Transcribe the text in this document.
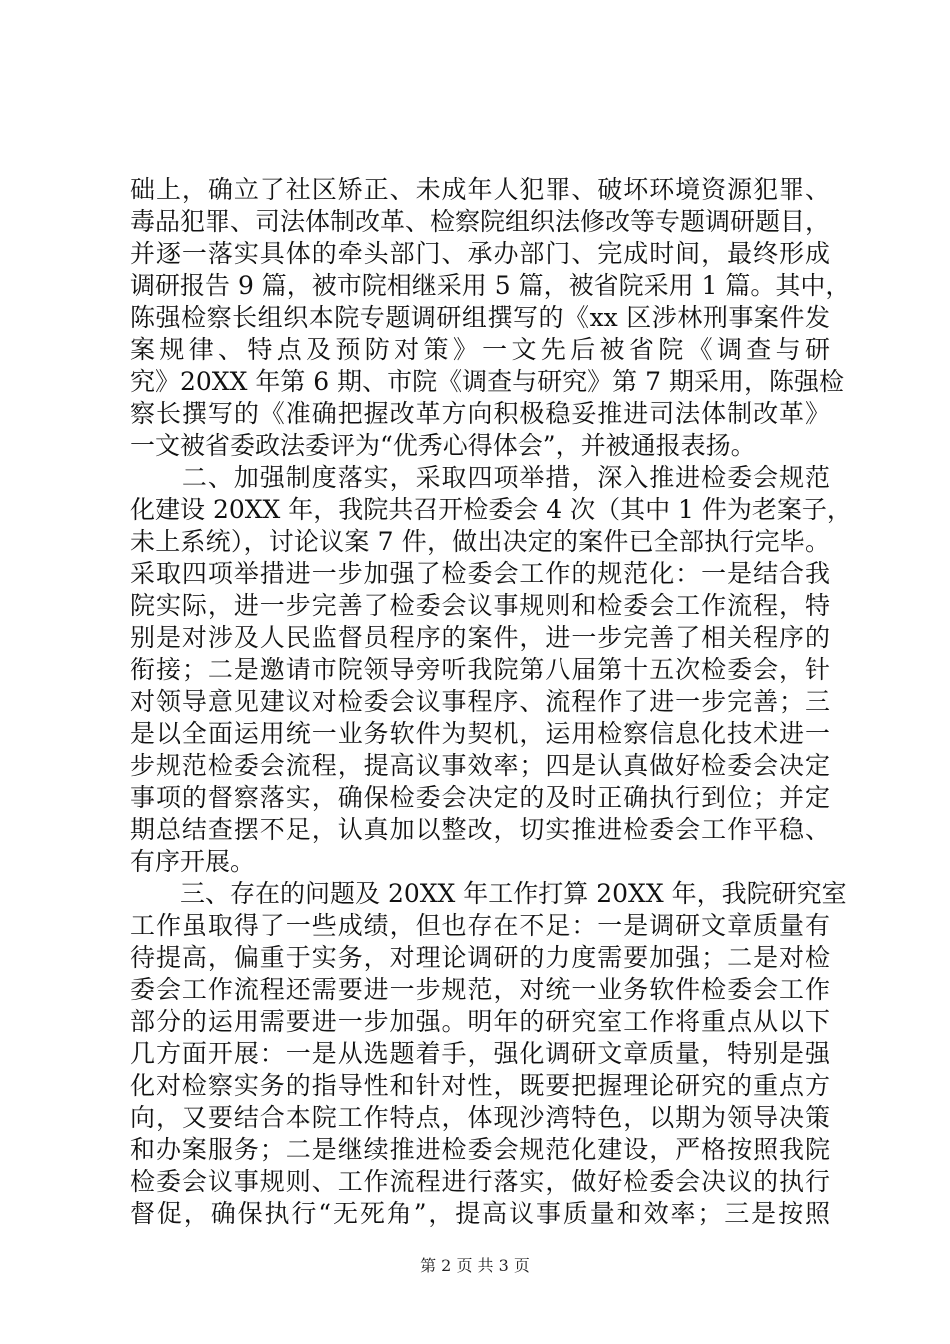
础上，确立了社区矫正、未成年人犯罪、破坏环境资源犯罪、
毒品犯罪、司法体制改革、检察院组织法修改等专题调研题目，
并逐一落实具体的牵头部门、承办部门、完成时间，最终形成
调研报告 9 篇，被市院相继采用 5 篇，被省院采用 1 篇。其中，
陈强检察长组织本院专题调研组撰写的《xx 区涉林刑事案件发
案规律、特点及预防对策》一文先后被省院《调查与研
究》20XX 年第 6 期、市院《调查与研究》第 7 期采用，陈强检
察长撰写的《准确把握改革方向积极稳妥推进司法体制改革》
一文被省委政法委评为“优秀心得体会”，并被通报表扬。
　　二、加强制度落实，采取四项举措，深入推进检委会规范
化建设 20XX 年，我院共召开检委会 4 次（其中 1 件为老案子，
未上系统），讨论议案 7 件，做出决定的案件已全部执行完毕。
采取四项举措进一步加强了检委会工作的规范化：一是结合我
院实际，进一步完善了检委会议事规则和检委会工作流程，特
别是对涉及人民监督员程序的案件，进一步完善了相关程序的
衔接；二是邀请市院领导旁听我院第八届第十五次检委会，针
对领导意见建议对检委会议事程序、流程作了进一步完善；三
是以全面运用统一业务软件为契机，运用检察信息化技术进一
步规范检委会流程，提高议事效率；四是认真做好检委会决定
事项的督察落实，确保检委会决定的及时正确执行到位；并定
期总结查摆不足，认真加以整改，切实推进检委会工作平稳、
有序开展。
　　三、存在的问题及 20XX 年工作打算 20XX 年，我院研究室
工作虽取得了一些成绩，但也存在不足：一是调研文章质量有
待提高，偏重于实务，对理论调研的力度需要加强；二是对检
委会工作流程还需要进一步规范，对统一业务软件检委会工作
部分的运用需要进一步加强。明年的研究室工作将重点从以下
几方面开展：一是从选题着手，强化调研文章质量，特别是强
化对检察实务的指导性和针对性，既要把握理论研究的重点方
向，又要结合本院工作特点，体现沙湾特色，以期为领导决策
和办案服务；二是继续推进检委会规范化建设，严格按照我院
检委会议事规则、工作流程进行落实，做好检委会决议的执行
督促，确保执行“无死角”，提高议事质量和效率；三是按照
第 2 页 共 3 页
